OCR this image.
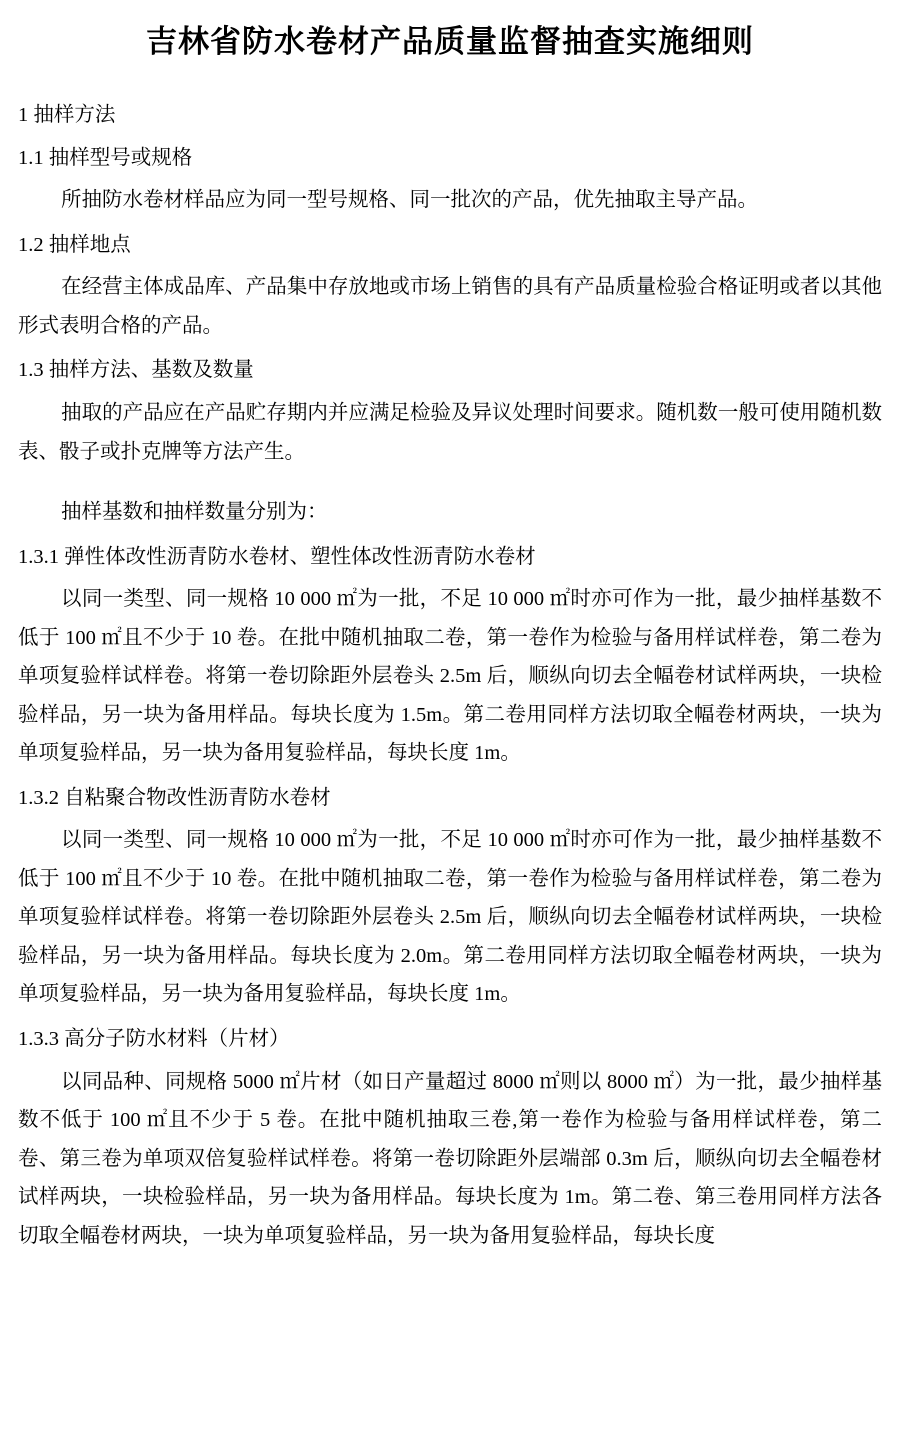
吉林省防水卷材产品质量监督抽查实施细则

1 抽样方法

1.1 抽样型号或规格

所抽防水卷材样品应为同一型号规格、同一批次的产品，优先抽取主导产品。

1.2 抽样地点

在经营主体成品库、产品集中存放地或市场上销售的具有产品质量检验合格证明或者以其他形式表明合格的产品。

1.3 抽样方法、基数及数量

抽取的产品应在产品贮存期内并应满足检验及异议处理时间要求。随机数一般可使用随机数表、骰子或扑克牌等方法产生。

抽样基数和抽样数量分别为：

1.3.1 弹性体改性沥青防水卷材、塑性体改性沥青防水卷材

以同一类型、同一规格 10 000 ㎡为一批，不足 10 000 ㎡时亦可作为一批，最少抽样基数不低于 100 ㎡且不少于 10 卷。在批中随机抽取二卷，第一卷作为检验与备用样试样卷，第二卷为单项复验样试样卷。将第一卷切除距外层卷头 2.5m 后，顺纵向切去全幅卷材试样两块，一块检验样品，另一块为备用样品。每块长度为 1.5m。第二卷用同样方法切取全幅卷材两块，一块为单项复验样品，另一块为备用复验样品，每块长度 1m。

1.3.2 自粘聚合物改性沥青防水卷材

以同一类型、同一规格 10 000 ㎡为一批，不足 10 000 ㎡时亦可作为一批，最少抽样基数不低于 100 ㎡且不少于 10 卷。在批中随机抽取二卷，第一卷作为检验与备用样试样卷，第二卷为单项复验样试样卷。将第一卷切除距外层卷头 2.5m 后，顺纵向切去全幅卷材试样两块，一块检验样品，另一块为备用样品。每块长度为 2.0m。第二卷用同样方法切取全幅卷材两块，一块为单项复验样品，另一块为备用复验样品，每块长度 1m。

1.3.3 高分子防水材料（片材）

以同品种、同规格 5000 ㎡片材（如日产量超过 8000 ㎡则以 8000 ㎡）为一批，最少抽样基数不低于 100 ㎡且不少于 5 卷。在批中随机抽取三卷,第一卷作为检验与备用样试样卷，第二卷、第三卷为单项双倍复验样试样卷。将第一卷切除距外层端部 0.3m 后，顺纵向切去全幅卷材试样两块，一块检验样品，另一块为备用样品。每块长度为 1m。第二卷、第三卷用同样方法各切取全幅卷材两块，一块为单项复验样品，另一块为备用复验样品，每块长度
